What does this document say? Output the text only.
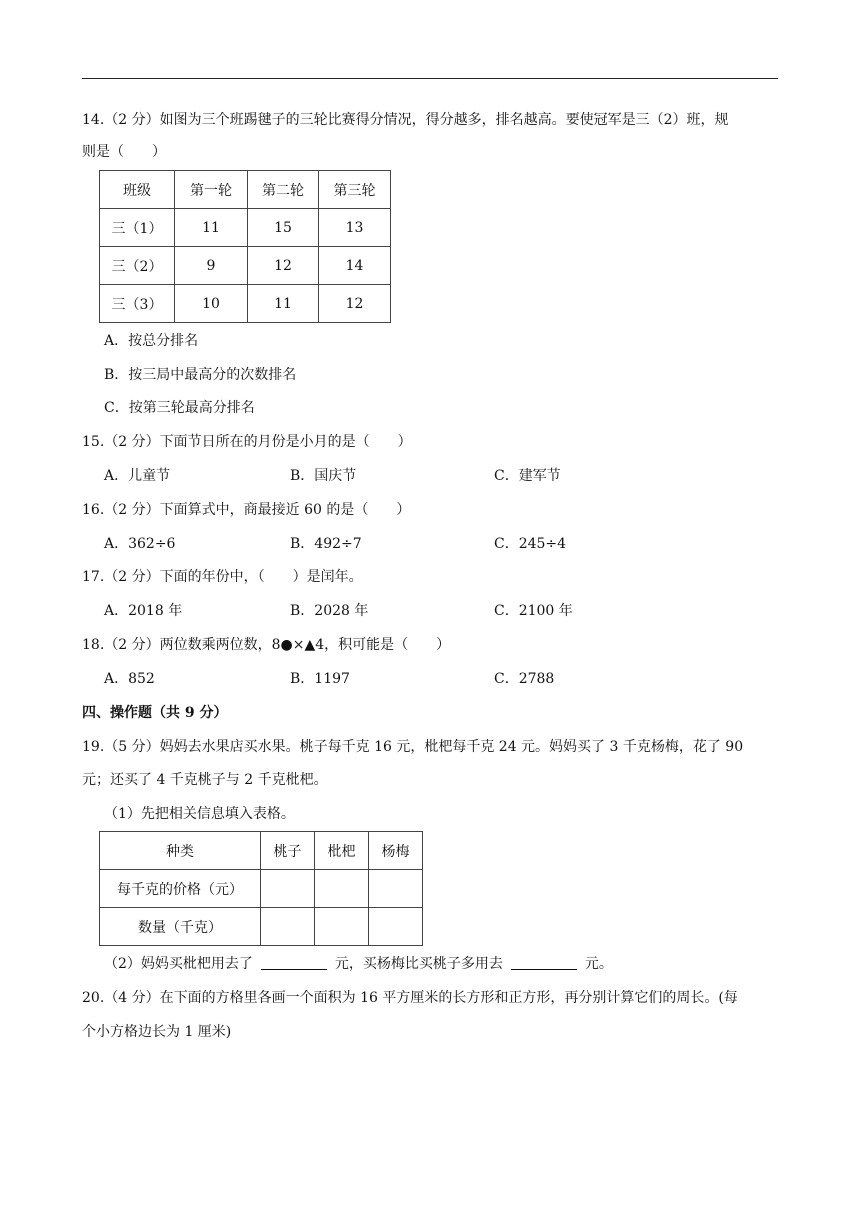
14.（2 分）如图为三个班踢毽子的三轮比赛得分情况，得分越多，排名越高。要使冠军是三（2）班，规
则是（　　）
班级	第一轮	第二轮	第三轮
三（1）	11	15	13
三（2）	9	12	14
三（3）	10	11	12
A．按总分排名
B．按三局中最高分的次数排名
C．按第三轮最高分排名
15.（2 分）下面节日所在的月份是小月的是（　　）
A．儿童节	B．国庆节	C．建军节
16.（2 分）下面算式中，商最接近 60 的是（　　）
A．362÷6	B．492÷7	C．245÷4
17.（2 分）下面的年份中，（　　）是闰年。
A．2018 年	B．2028 年	C．2100 年
18.（2 分）两位数乘两位数，8●×▲4，积可能是（　　）
A．852	B．1197	C．2788
四、操作题（共 9 分）
19.（5 分）妈妈去水果店买水果。桃子每千克 16 元，枇杷每千克 24 元。妈妈买了 3 千克杨梅，花了 90
元；还买了 4 千克桃子与 2 千克枇杷。
（1）先把相关信息填入表格。
种类	桃子	枇杷	杨梅
每千克的价格（元）			
数量（千克）			
（2）妈妈买枇杷用去了	元，买杨梅比买桃子多用去	元。
20.（4 分）在下面的方格里各画一个面积为 16 平方厘米的长方形和正方形，再分别计算它们的周长。(每
个小方格边长为 1 厘米)
